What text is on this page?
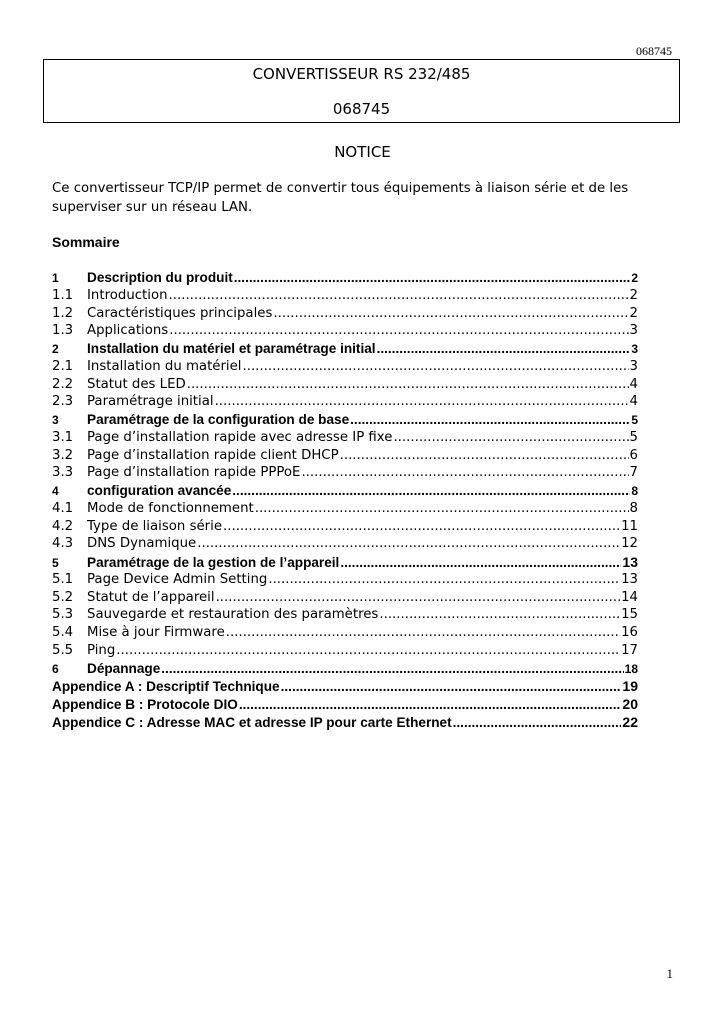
068745
CONVERTISSEUR RS 232/485
068745
NOTICE
Ce convertisseur TCP/IP permet de convertir tous équipements à liaison série et de les superviser sur un réseau LAN.
Sommaire
1	Description du produit .....	2
1.1	Introduction .....	2
1.2	Caractéristiques principales .....	2
1.3	Applications .....	3
2	Installation du matériel et paramétrage initial .....	3
2.1	Installation du matériel .....	3
2.2	Statut des LED .....	4
2.3	Paramétrage initial .....	4
3	Paramétrage de la configuration de base .....	5
3.1	Page d’installation rapide avec adresse IP fixe .....	5
3.2	Page d’installation rapide client DHCP .....	6
3.3	Page d’installation rapide PPPoE .....	7
4	configuration avancée .....	8
4.1	Mode de fonctionnement .....	8
4.2	Type de liaison série .....	11
4.3	DNS Dynamique .....	12
5	Paramétrage de la gestion de l’appareil .....	13
5.1	Page Device Admin Setting .....	13
5.2	Statut de l’appareil .....	14
5.3	Sauvegarde et restauration des paramètres .....	15
5.4	Mise à jour Firmware .....	16
5.5	Ping .....	17
6	Dépannage .....	18
Appendice A : Descriptif Technique .....	19
Appendice B : Protocole DIO .....	20
Appendice C : Adresse MAC et adresse IP pour carte Ethernet .....	22
1
